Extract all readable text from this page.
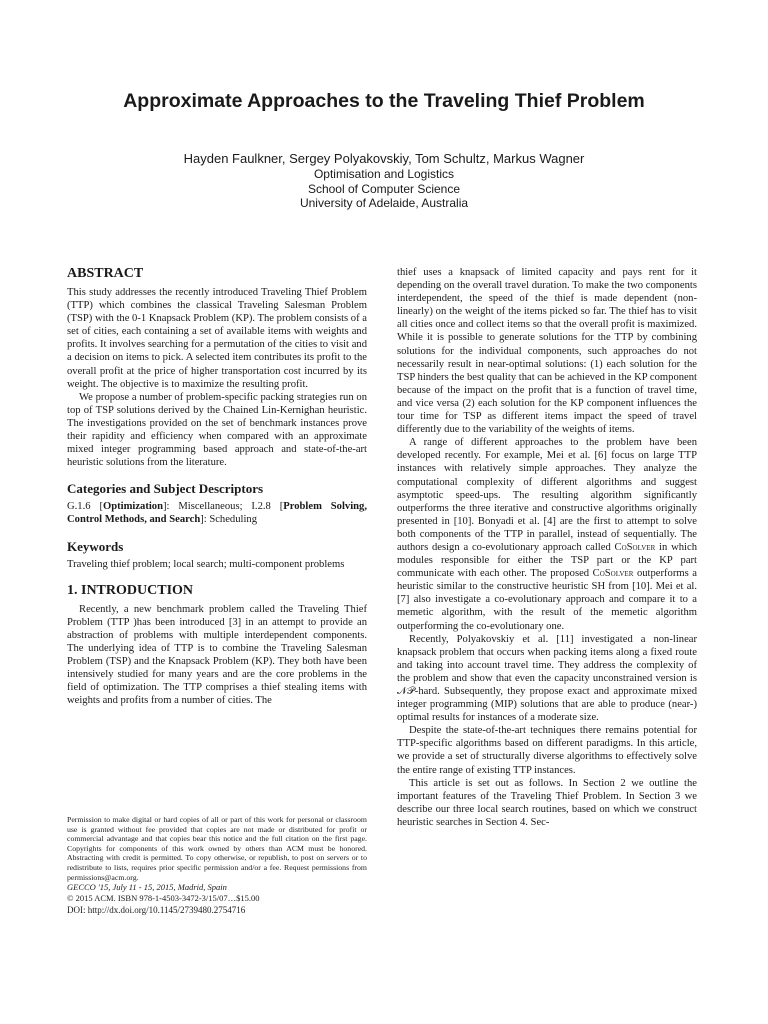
Approximate Approaches to the Traveling Thief Problem
Hayden Faulkner, Sergey Polyakovskiy, Tom Schultz, Markus Wagner
Optimisation and Logistics
School of Computer Science
University of Adelaide, Australia
ABSTRACT

This study addresses the recently introduced Traveling Thief Problem (TTP) which combines the classical Traveling Salesman Problem (TSP) with the 0-1 Knapsack Problem (KP). The problem consists of a set of cities, each containing a set of available items with weights and profits. It involves searching for a permutation of the cities to visit and a decision on items to pick. A selected item contributes its profit to the overall profit at the price of higher transportation cost incurred by its weight. The objective is to maximize the resulting profit.

We propose a number of problem-specific packing strategies run on top of TSP solutions derived by the Chained Lin-Kernighan heuristic. The investigations provided on the set of benchmark instances prove their rapidity and efficiency when compared with an approximate mixed integer programming based approach and state-of-the-art heuristic solutions from the literature.

Categories and Subject Descriptors

G.1.6 [Optimization]: Miscellaneous; I.2.8 [Problem Solving, Control Methods, and Search]: Scheduling

Keywords

Traveling thief problem; local search; multi-component problems

1. INTRODUCTION

Recently, a new benchmark problem called the Traveling Thief Problem (TTP )has been introduced [3] in an attempt to provide an abstraction of problems with multiple interdependent components. The underlying idea of TTP is to combine the Traveling Salesman Problem (TSP) and the Knapsack Problem (KP). They both have been intensively studied for many years and are the core problems in the field of optimization. The TTP comprises a thief stealing items with weights and profits from a number of cities. The

Permission to make digital or hard copies of all or part of this work for personal or classroom use is granted without fee provided that copies are not made or distributed for profit or commercial advantage and that copies bear this notice and the full citation on the first page. Copyrights for components of this work owned by others than ACM must be honored. Abstracting with credit is permitted. To copy otherwise, or republish, to post on servers or to redistribute to lists, requires prior specific permission and/or a fee. Request permissions from permissions@acm.org.
GECCO '15, July 11 - 15, 2015, Madrid, Spain
© 2015 ACM. ISBN 978-1-4503-3472-3/15/07…$15.00
DOI: http://dx.doi.org/10.1145/2739480.2754716

thief uses a knapsack of limited capacity and pays rent for it depending on the overall travel duration. To make the two components interdependent, the speed of the thief is made dependent (non-linearly) on the weight of the items picked so far. The thief has to visit all cities once and collect items so that the overall profit is maximized. While it is possible to generate solutions for the TTP by combining solutions for the individual components, such approaches do not necessarily result in near-optimal solutions: (1) each solution for the TSP hinders the best quality that can be achieved in the KP component because of the impact on the profit that is a function of travel time, and vice versa (2) each solution for the KP component influences the tour time for TSP as different items impact the speed of travel differently due to the variability of the weights of items.

A range of different approaches to the problem have been developed recently. For example, Mei et al. [6] focus on large TTP instances with relatively simple approaches. They analyze the computational complexity of different algorithms and suggest asymptotic speed-ups. The resulting algorithm significantly outperforms the three iterative and constructive algorithms originally presented in [10]. Bonyadi et al. [4] are the first to attempt to solve both components of the TTP in parallel, instead of sequentially. The authors design a co-evolutionary approach called CoSolver in which modules responsible for either the TSP part or the KP part communicate with each other. The proposed CoSolver outperforms a heuristic similar to the constructive heuristic SH from [10]. Mei et al. [7] also investigate a co-evolutionary approach and compare it to a memetic algorithm, with the result of the memetic algorithm outperforming the co-evolutionary one.

Recently, Polyakovskiy et al. [11] investigated a non-linear knapsack problem that occurs when packing items along a fixed route and taking into account travel time. They address the complexity of the problem and show that even the capacity unconstrained version is 𝒩𝒫-hard. Subsequently, they propose exact and approximate mixed integer programming (MIP) solutions that are able to produce (near-) optimal results for instances of a moderate size.

Despite the state-of-the-art techniques there remains potential for TTP-specific algorithms based on different paradigms. In this article, we provide a set of structurally diverse algorithms to effectively solve the entire range of existing TTP instances.

This article is set out as follows. In Section 2 we outline the important features of the Traveling Thief Problem. In Section 3 we describe our three local search routines, based on which we construct heuristic searches in Section 4. Sec-
